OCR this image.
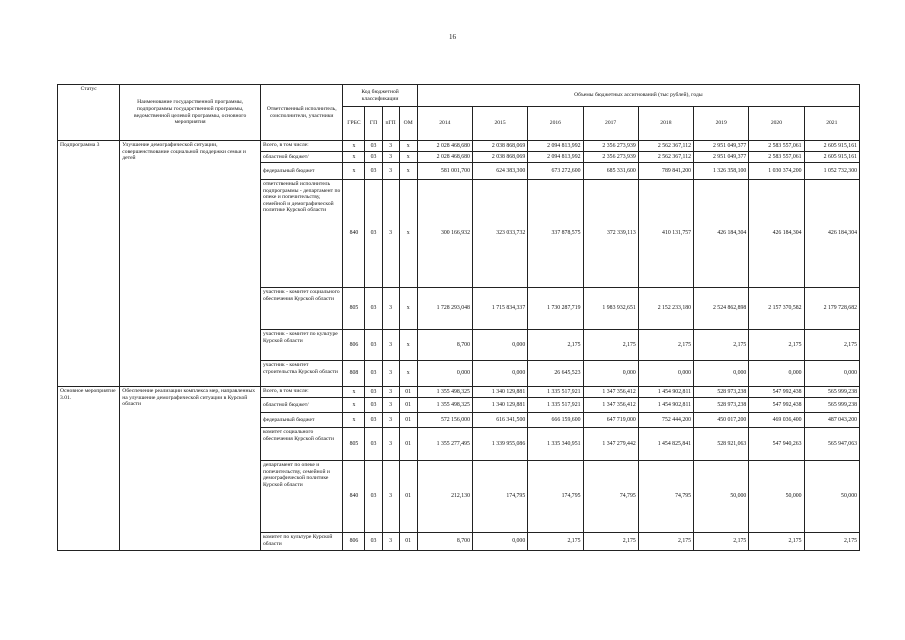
16
Статус	Наименование государственной программы, подпрограммы государственной программы, ведомственной целевой программы, основного мероприятия	Ответственный исполнитель, соисполнители, участники	Код бюджетной классификации				Объемы бюджетных ассигнований (тыс рублей), годы							
			ГРБС	ГП	пГП	ОМ	2014	2015	2016	2017	2018	2019	2020	2021
Подпрограмма 3	Улучшение демографической ситуации, совершенствование социальной поддержки семьи и детей	Всего, в том числе:	x	03	3	x	2 028 468,680	2 038 868,069	2 094 813,992	2 356 273,939	2 562 367,112	2 951 049,377	2 583 557,061	2 605 915,161
		областной бюджет/	x	03	3	x	2 028 468,680	2 038 868,069	2 094 813,992	2 356 273,939	2 562 367,112	2 951 049,377	2 583 557,061	2 605 915,161
		федеральный бюджет	x	03	3	x	581 001,700	624 383,300	673 272,600	685 331,600	789 841,200	1 326 358,100	1 030 374,200	1 052 732,300
		ответственный исполнитель подпрограммы - департамент по опеке и попечительству, семейной и демографической политике Курской области	840	03	3	x	300 166,932	323 033,732	337 878,575	372 339,113	410 131,757	426 184,304	426 184,304	426 184,304
		участник - комитет социального обеспечения Курской области	805	03	3	x	1 728 293,048	1 715 834,337	1 730 287,719	1 983 932,651	2 152 233,180	2 524 862,898	2 157 370,582	2 179 728,682
		участник - комитет по культуре Курской области	806	03	3	x	8,700	0,000	2,175	2,175	2,175	2,175	2,175	2,175
		участник - комитет строительства Курской области	808	03	3	x	0,000	0,000	26 645,523	0,000	0,000	0,000	0,000	0,000
Основное мероприятие 3.01.	Обеспечение реализации комплекса мер, направленных на улучшение демографической ситуации в Курской области	Всего, в том числе:	x	03	3	01	1 355 498,325	1 340 129,881	1 335 517,921	1 347 356,412	1 454 902,811	528 973,238	547 992,438	565 999,238
		областной бюджет/	x	03	3	01	1 355 498,325	1 340 129,881	1 335 517,921	1 347 356,412	1 454 902,811	528 973,238	547 992,438	565 999,238
		федеральный бюджет	x	03	3	01	572 156,000	616 341,500	666 159,600	647 719,000	752 444,200	450 017,200	469 036,400	487 043,200
		комитет социального обеспечения Курской области	805	03	3	01	1 355 277,495	1 339 955,086	1 335 340,951	1 347 279,442	1 454 825,841	528 921,063	547 940,263	565 947,063
		департамент по опеке и попечительству, семейной и демографической политике Курской области	840	03	3	01	212,130	174,795	174,795	74,795	74,795	50,000	50,000	50,000
		комитет по культуре Курской области	806	03	3	01	8,700	0,000	2,175	2,175	2,175	2,175	2,175	2,175
